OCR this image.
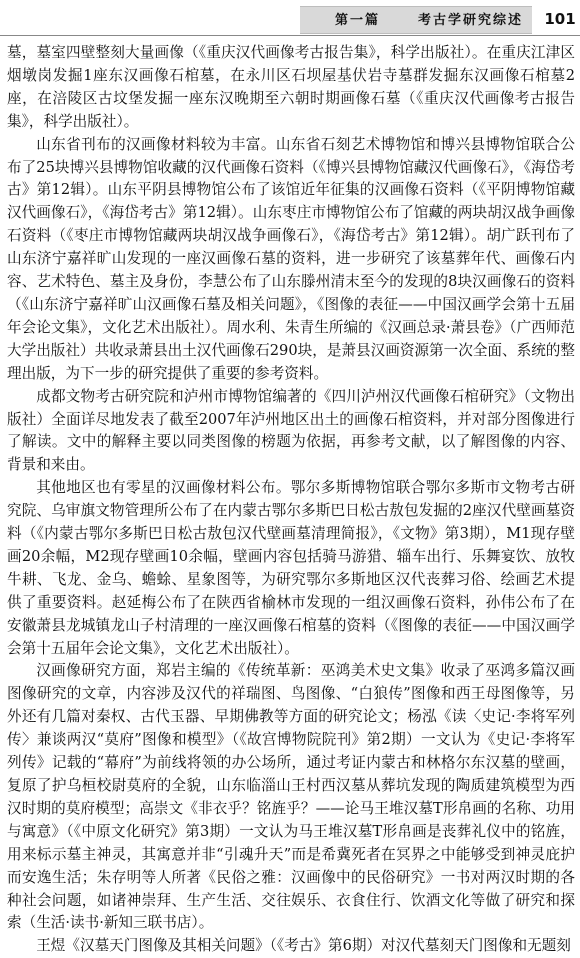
第一篇	考古学研究综述 101

墓，墓室四壁整刻大量画像（《重庆汉代画像考古报告集》，科学出版社）。在重庆江津区烟墩岗发掘1座东汉画像石棺墓，在永川区石坝屋基伏岩寺墓群发掘东汉画像石棺墓2座，在涪陵区古坟堡发掘一座东汉晚期至六朝时期画像石墓（《重庆汉代画像考古报告集》，科学出版社）。

山东省刊布的汉画像材料较为丰富。山东省石刻艺术博物馆和博兴县博物馆联合公布了25块博兴县博物馆收藏的汉代画像石资料（《博兴县博物馆藏汉代画像石》，《海岱考古》第12辑）。山东平阴县博物馆公布了该馆近年征集的汉画像石资料（《平阴博物馆藏汉代画像石》，《海岱考古》第12辑）。山东枣庄市博物馆公布了馆藏的两块胡汉战争画像石资料（《枣庄市博物馆藏两块胡汉战争画像石》，《海岱考古》第12辑）。胡广跃刊布了山东济宁嘉祥旷山发现的一座汉画像石墓的资料，进一步研究了该墓葬年代、画像石内容、艺术特色、墓主及身份，李慧公布了山东滕州清末至今的发现的8块汉画像石的资料（《山东济宁嘉祥旷山汉画像石墓及相关问题》，《图像的表征——中国汉画学会第十五届年会论文集》，文化艺术出版社）。周水利、朱青生所编的《汉画总录·萧县卷》（广西师范大学出版社）共收录萧县出土汉代画像石290块，是萧县汉画资源第一次全面、系统的整理出版，为下一步的研究提供了重要的参考资料。

成都文物考古研究院和泸州市博物馆编著的《四川泸州汉代画像石棺研究》（文物出版社）全面详尽地发表了截至2007年泸州地区出土的画像石棺资料，并对部分图像进行了解读。文中的解释主要以同类图像的榜题为依据，再参考文献，以了解图像的内容、背景和来由。

其他地区也有零星的汉画像材料公布。鄂尔多斯博物馆联合鄂尔多斯市文物考古研究院、乌审旗文物管理所公布了在内蒙古鄂尔多斯巴日松古敖包发掘的2座汉代壁画墓资料（《内蒙古鄂尔多斯巴日松古敖包汉代壁画墓清理简报》，《文物》第3期），M1现存壁画20余幅，M2现存壁画10余幅，壁画内容包括骑马游猎、辎车出行、乐舞宴饮、放牧牛耕、飞龙、金乌、蟾蜍、星象图等，为研究鄂尔多斯地区汉代丧葬习俗、绘画艺术提供了重要资料。赵延梅公布了在陕西省榆林市发现的一组汉画像石资料，孙伟公布了在安徽萧县龙城镇龙山子村清理的一座汉画像石棺墓的资料（《图像的表征——中国汉画学会第十五届年会论文集》，文化艺术出版社）。

汉画像研究方面，郑岩主编的《传统革新：巫鸿美术史文集》收录了巫鸿多篇汉画图像研究的文章，内容涉及汉代的祥瑞图、鸟图像、“白狼传”图像和西王母图像等，另外还有几篇对秦权、古代玉器、早期佛教等方面的研究论文；杨泓《读〈史记·李将军列传〉兼谈两汉“莫府”图像和模型》（《故宫博物院院刊》第2期）一文认为《史记·李将军列传》记载的“幕府”为前线将领的办公场所，通过考证内蒙古和林格尔东汉墓的壁画，复原了护乌桓校尉莫府的全貌，山东临淄山王村西汉墓从葬坑发现的陶质建筑模型为西汉时期的莫府模型；高崇文《非衣乎？铭旌乎？——论马王堆汉墓T形帛画的名称、功用与寓意》（《中原文化研究》第3期）一文认为马王堆汉墓T形帛画是丧葬礼仪中的铭旌，用来标示墓主神灵，其寓意并非“引魂升天”而是希冀死者在冥界之中能够受到神灵庇护而安逸生活；朱存明等人所著《民俗之雅：汉画像中的民俗研究》一书对两汉时期的各种社会问题，如诸神崇拜、生产生活、交往娱乐、衣食住行、饮酒文化等做了研究和探索（生活·读书·新知三联书店）。

王煜《汉墓天门图像及其相关问题》（《考古》第6期）对汉代墓刻天门图像和无题刻
